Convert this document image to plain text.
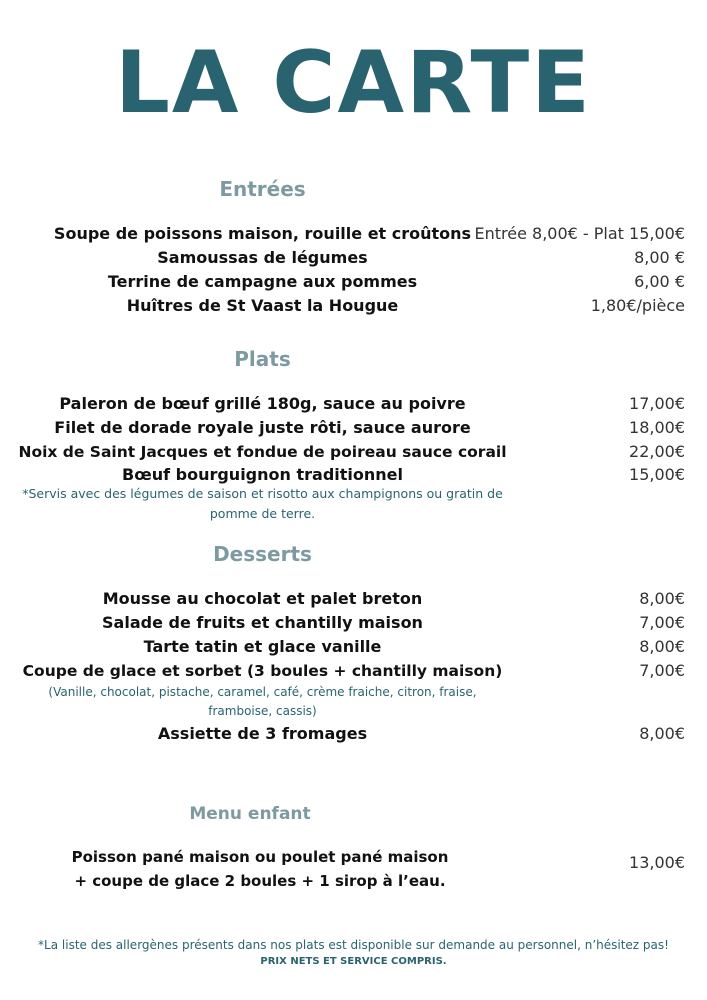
LA CARTE
Entrées
Soupe de poissons maison, rouille et croûtons Entrée 8,00€ - Plat 15,00€
Samoussas de légumes	8,00 €
Terrine de campagne aux pommes	6,00 €
Huîtres de St Vaast la Hougue	1,80€/pièce
Plats
Paleron de bœuf grillé 180g, sauce au poivre	17,00€
Filet de dorade royale juste rôti, sauce aurore	18,00€
Noix de Saint Jacques et fondue de poireau sauce corail	22,00€
Bœuf bourguignon traditionnel	15,00€
*Servis avec des légumes de saison et risotto aux champignons ou gratin de
pomme de terre.
Desserts
Mousse au chocolat et palet breton	8,00€
Salade de fruits et chantilly maison	7,00€
Tarte tatin et glace vanille	8,00€
Coupe de glace et sorbet (3 boules + chantilly maison)	7,00€
(Vanille, chocolat, pistache, caramel, café, crème fraiche, citron, fraise,
framboise, cassis)
Assiette de 3 fromages	8,00€
Menu enfant
Poisson pané maison ou poulet pané maison
+ coupe de glace 2 boules + 1 sirop à l’eau.
13,00€
*La liste des allergènes présents dans nos plats est disponible sur demande au personnel, n’hésitez pas!
PRIX NETS ET SERVICE COMPRIS.
